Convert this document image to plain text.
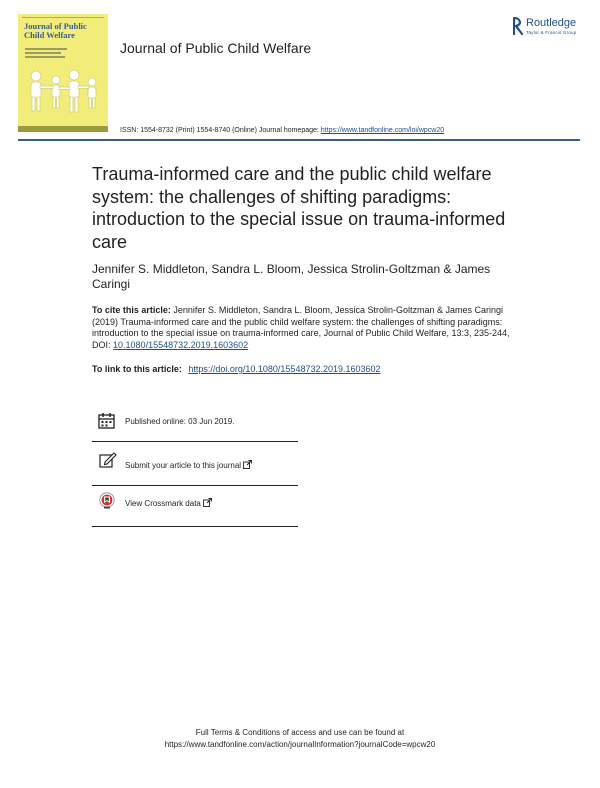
Journal of Public Child Welfare
Journal of Public Child Welfare
Routledge
Taylor & Francis Group
ISSN: 1554-8732 (Print) 1554-8740 (Online) Journal homepage: https://www.tandfonline.com/loi/wpcw20
Trauma-informed care and the public child welfare system: the challenges of shifting paradigms: introduction to the special issue on trauma-informed care
Jennifer S. Middleton, Sandra L. Bloom, Jessica Strolin-Goltzman & James Caringi
To cite this article: Jennifer S. Middleton, Sandra L. Bloom, Jessica Strolin-Goltzman & James Caringi (2019) Trauma-informed care and the public child welfare system: the challenges of shifting paradigms: introduction to the special issue on trauma-informed care, Journal of Public Child Welfare, 13:3, 235-244, DOI: 10.1080/15548732.2019.1603602
To link to this article: https://doi.org/10.1080/15548732.2019.1603602
Published online: 03 Jun 2019.
Submit your article to this journal
View Crossmark data
Full Terms & Conditions of access and use can be found at
https://www.tandfonline.com/action/journalInformation?journalCode=wpcw20
